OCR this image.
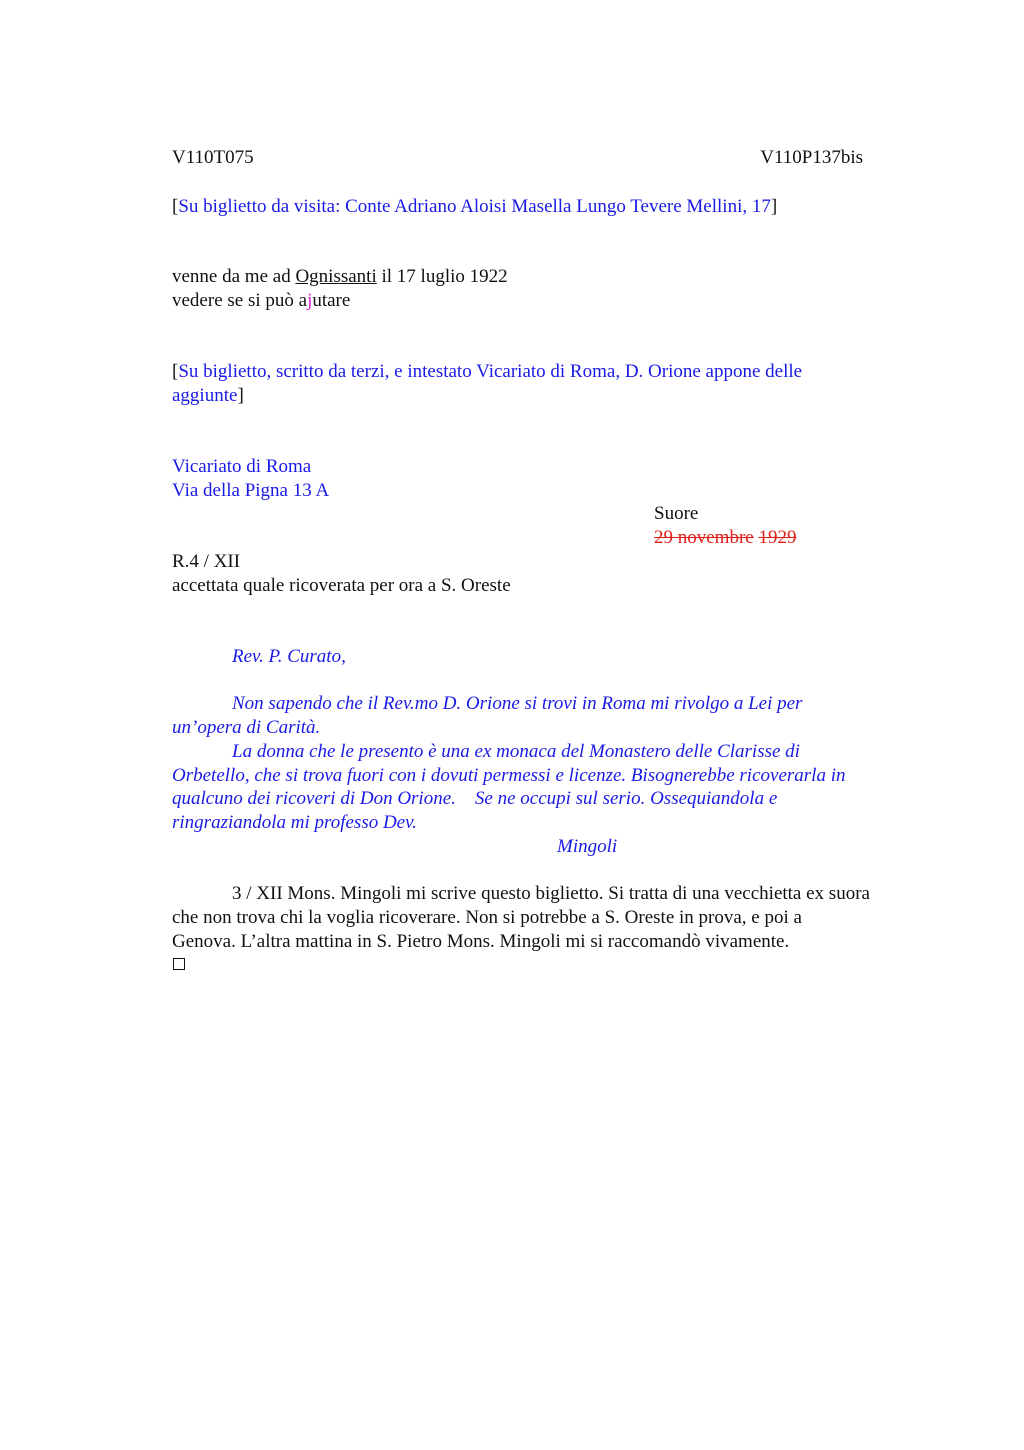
V110T075	V110P137bis
[Su biglietto da visita: Conte Adriano Aloisi Masella Lungo Tevere Mellini, 17]
venne da me ad Ognissanti il 17 luglio 1922
vedere se si può ajutare
[Su biglietto, scritto da terzi, e intestato Vicariato di Roma, D. Orione appone delle
aggiunte]
Vicariato di Roma
Via della Pigna 13 A
Suore
29 novembre 1929
R.4 / XII
accettata quale ricoverata per ora a S. Oreste
Rev. P. Curato,
Non sapendo che il Rev.mo D. Orione si trovi in Roma mi rivolgo a Lei per
un’opera di Carità.
La donna che le presento è una ex monaca del Monastero delle Clarisse di
Orbetello, che si trova fuori con i dovuti permessi e licenze. Bisognerebbe ricoverarla in
qualcuno dei ricoveri di Don Orione.    Se ne occupi sul serio. Ossequiandola e
ringraziandola mi professo Dev.
Mingoli
3 / XII Mons. Mingoli mi scrive questo biglietto. Si tratta di una vecchietta ex suora
che non trova chi la voglia ricoverare. Non si potrebbe a S. Oreste in prova, e poi a
Genova. L’altra mattina in S. Pietro Mons. Mingoli mi si raccomandò vivamente.
